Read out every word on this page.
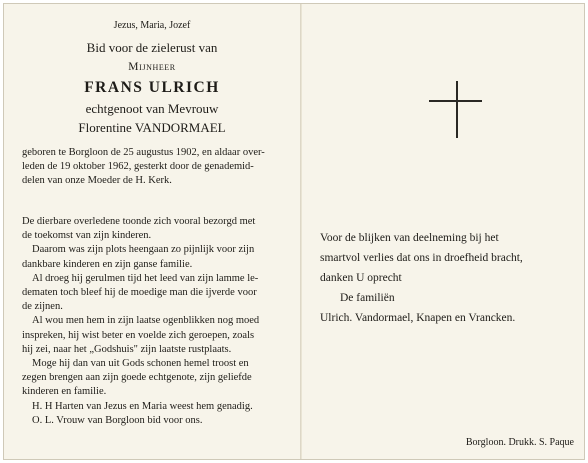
Jezus, Maria, Jozef
Bid voor de zielerust van
Mijnheer
FRANS ULRICH
echtgenoot van Mevrouw
Florentine VANDORMAEL
geboren te Borgloon de 25 augustus 1902, en aldaar over-
leden de 19 oktober 1962, gesterkt door de genademid-
delen van onze Moeder de H. Kerk.
De dierbare overledene toonde zich vooral bezorgd met
de toekomst van zijn kinderen.
Daarom was zijn plots heengaan zo pijnlijk voor zijn
dankbare kinderen en zijn ganse familie.
Al droeg hij gerulmen tijd het leed van zijn lamme le-
dematen toch bleef hij de moedige man die ijverde voor
de zijnen.
Al wou men hem in zijn laatse ogenblikken nog moed
inspreken, hij wist beter en voelde zich geroepen, zoals
hij zei, naar het „Godshuis" zijn laatste rustplaats.
Moge hij dan van uit Gods schonen hemel troost en
zegen brengen aan zijn goede echtgenote, zijn geliefde
kinderen en familie.
H. H Harten van Jezus en Maria weest hem genadig.
O. L. Vrouw van Borgloon bid voor ons.
Voor de blijken van deelneming bij het
smartvol verlies dat ons in droefheid bracht,
danken U oprecht
De familiën
Ulrich. Vandormael, Knapen en Vrancken.
Borgloon. Drukk. S. Paque
